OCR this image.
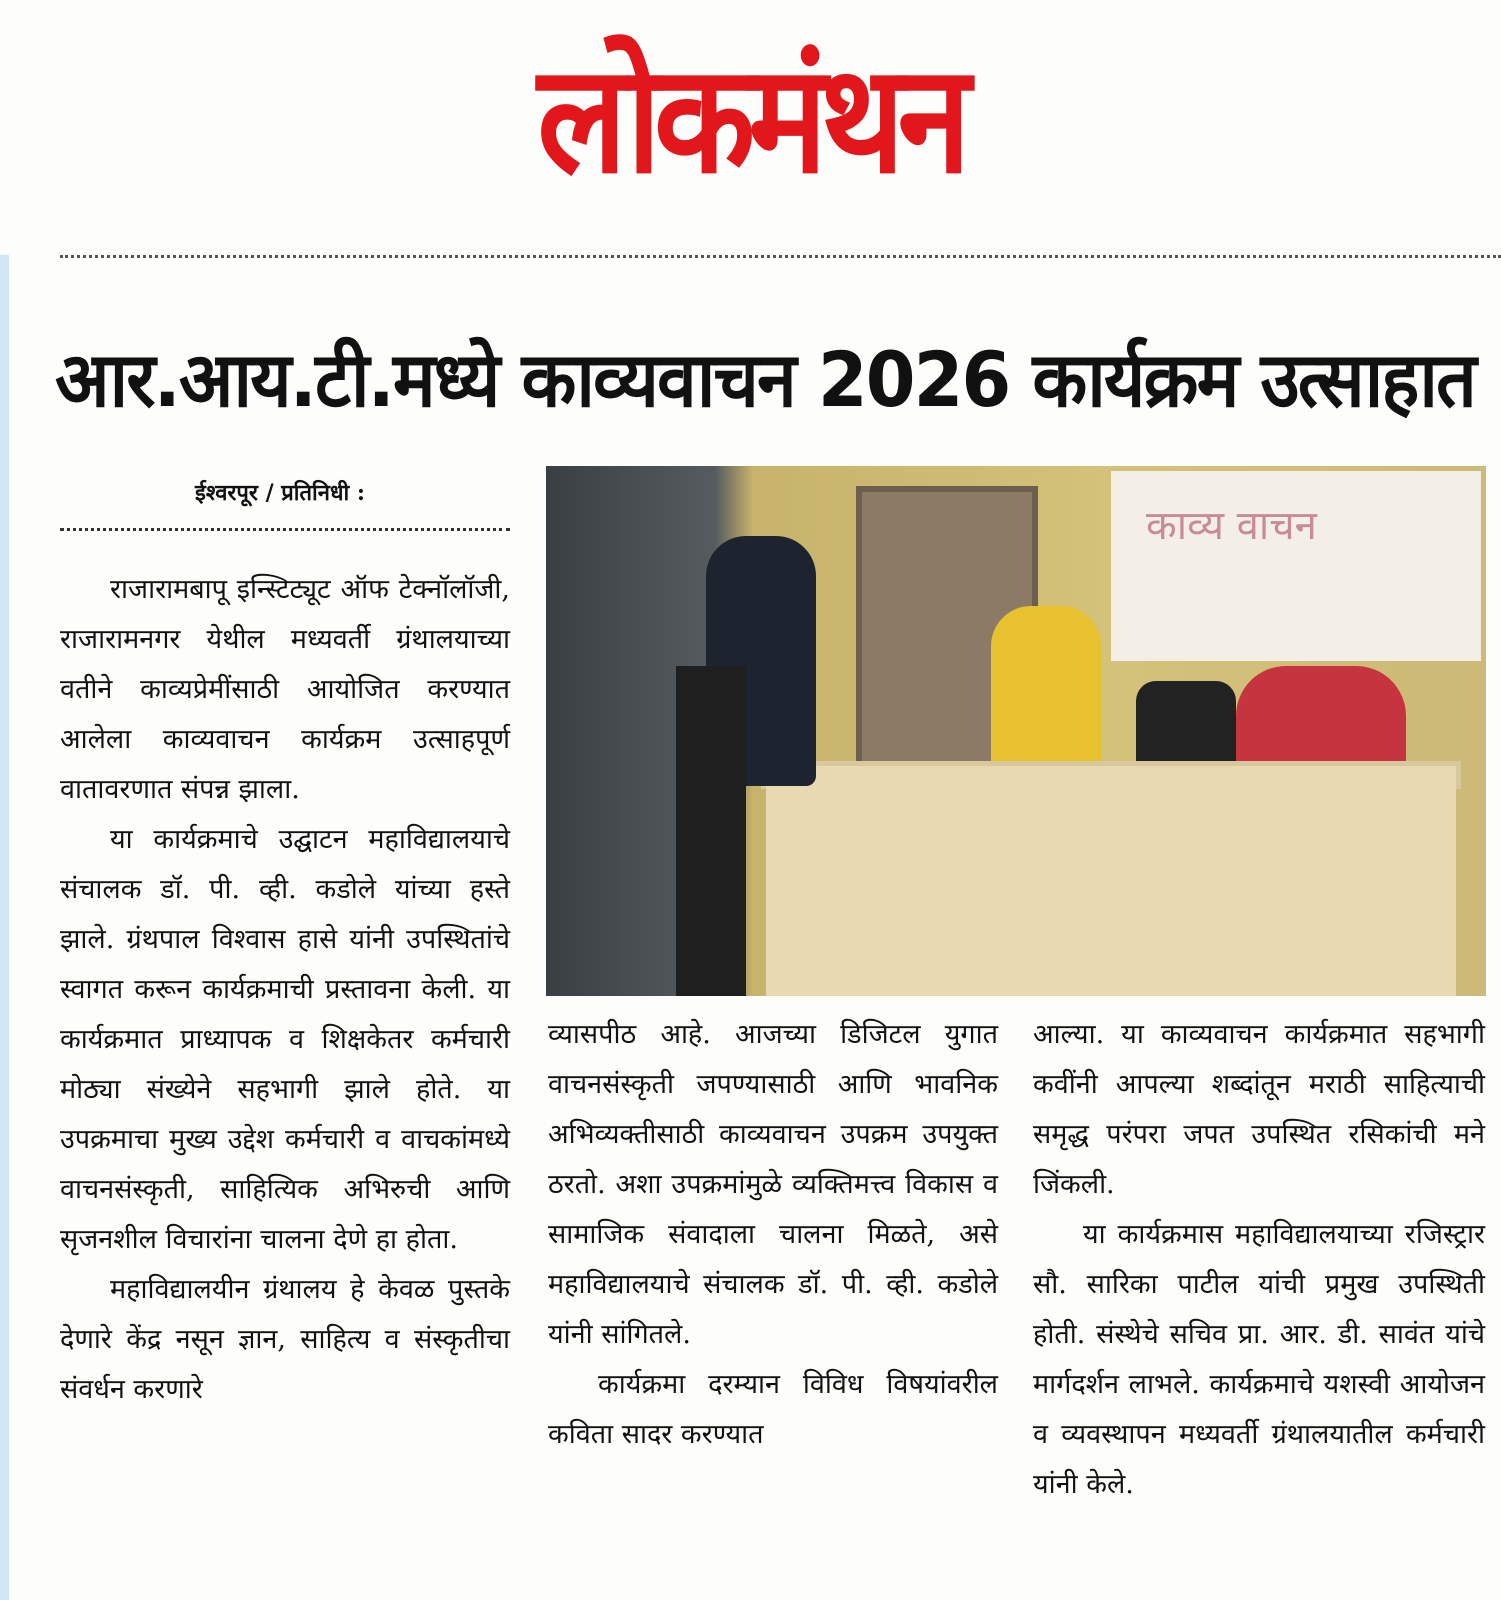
लोकमंथन
आर.आय.टी.मध्ये काव्यवाचन 2026 कार्यक्रम उत्साहात
ईश्वरपूर / प्रतिनिधी :

राजारामबापू इन्स्टिट्यूट ऑफ टेक्नॉलॉजी, राजारामनगर येथील मध्यवर्ती ग्रंथालयाच्या वतीने काव्यप्रेमींसाठी आयोजित करण्यात आलेला काव्यवाचन कार्यक्रम उत्साहपूर्ण वातावरणात संपन्न झाला.

या कार्यक्रमाचे उद्घाटन महाविद्यालयाचे संचालक डॉ. पी. व्ही. कडोले यांच्या हस्ते झाले. ग्रंथपाल विश्वास हासे यांनी उपस्थितांचे स्वागत करून कार्यक्रमाची प्रस्तावना केली. या कार्यक्रमात प्राध्यापक व शिक्षकेतर कर्मचारी मोठ्या संख्येने सहभागी झाले होते. या उपक्रमाचा मुख्य उद्देश कर्मचारी व वाचकांमध्ये वाचनसंस्कृती, साहित्यिक अभिरुची आणि सृजनशील विचारांना चालना देणे हा होता.

महाविद्यालयीन ग्रंथालय हे केवळ पुस्तके देणारे केंद्र नसून ज्ञान, साहित्य व संस्कृतीचा संवर्धन करणारे

काव्य वाचन

व्यासपीठ आहे. आजच्या डिजिटल युगात वाचनसंस्कृती जपण्यासाठी आणि भावनिक अभिव्यक्तीसाठी काव्यवाचन उपक्रम उपयुक्त ठरतो. अशा उपक्रमांमुळे व्यक्तिमत्त्व विकास व सामाजिक संवादाला चालना मिळते, असे महाविद्यालयाचे संचालक डॉ. पी. व्ही. कडोले यांनी सांगितले.

कार्यक्रमा दरम्यान विविध विषयांवरील कविता सादर करण्यात

आल्या. या काव्यवाचन कार्यक्रमात सहभागी कवींनी आपल्या शब्दांतून मराठी साहित्याची समृद्ध परंपरा जपत उपस्थित रसिकांची मने जिंकली.

या कार्यक्रमास महाविद्यालयाच्या रजिस्ट्रार सौ. सारिका पाटील यांची प्रमुख उपस्थिती होती. संस्थेचे सचिव प्रा. आर. डी. सावंत यांचे मार्गदर्शन लाभले. कार्यक्रमाचे यशस्वी आयोजन व व्यवस्थापन मध्यवर्ती ग्रंथालयातील कर्मचारी यांनी केले.
